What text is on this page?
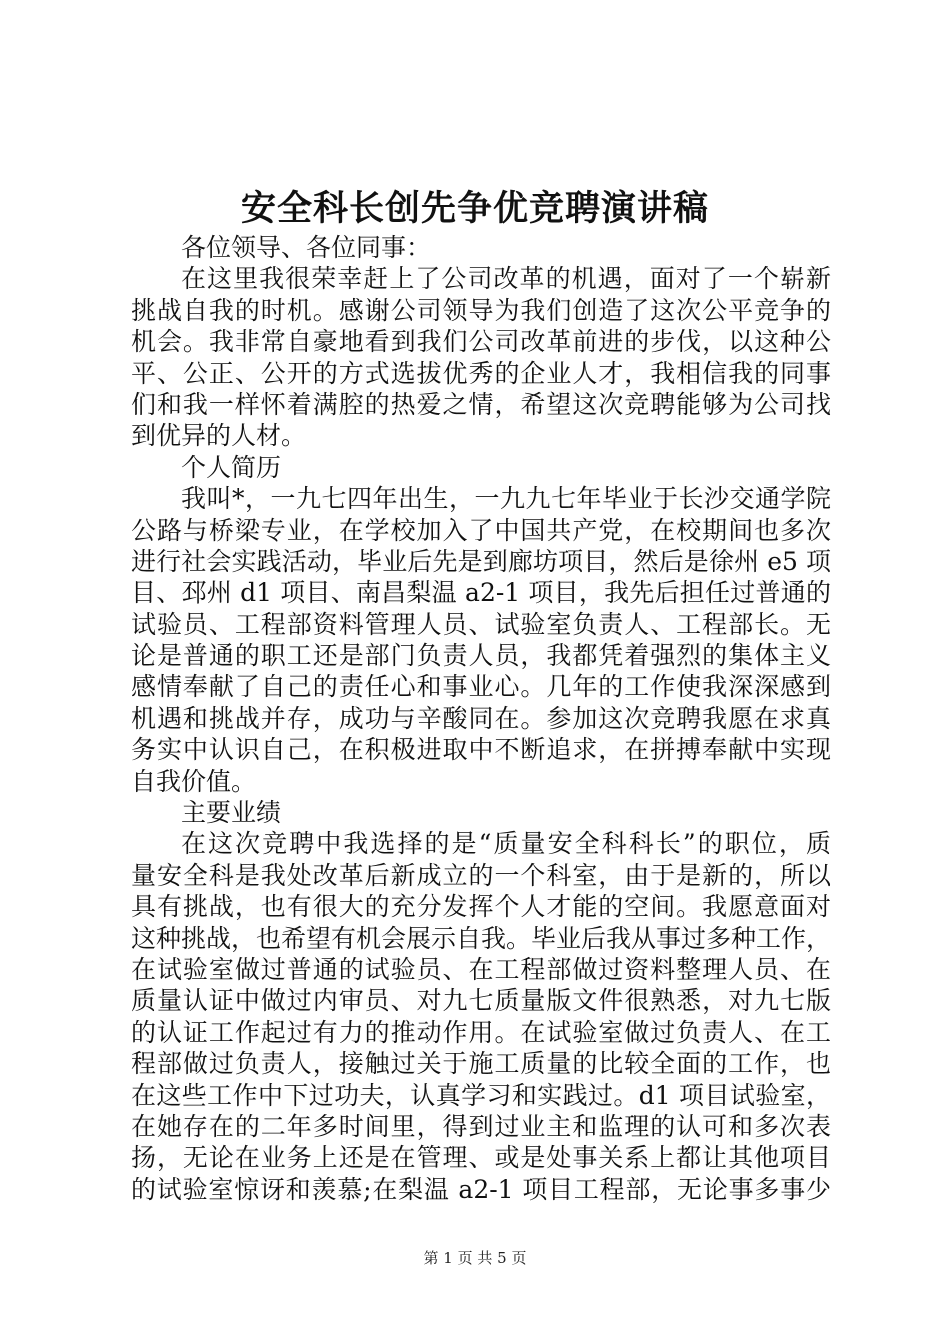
安全科长创先争优竞聘演讲稿
各位领导、各位同事：
在这里我很荣幸赶上了公司改革的机遇，面对了一个崭新
挑战自我的时机。感谢公司领导为我们创造了这次公平竞争的
机会。我非常自豪地看到我们公司改革前进的步伐，以这种公
平、公正、公开的方式选拔优秀的企业人才，我相信我的同事
们和我一样怀着满腔的热爱之情，希望这次竞聘能够为公司找
到优异的人材。
个人简历
我叫*，一九七四年出生，一九九七年毕业于长沙交通学院
公路与桥梁专业，在学校加入了中国共产党，在校期间也多次
进行社会实践活动，毕业后先是到廊坊项目，然后是徐州 e5 项
目、邳州 d1 项目、南昌梨温 a2-1 项目，我先后担任过普通的
试验员、工程部资料管理人员、试验室负责人、工程部长。无
论是普通的职工还是部门负责人员，我都凭着强烈的集体主义
感情奉献了自己的责任心和事业心。几年的工作使我深深感到
机遇和挑战并存，成功与辛酸同在。参加这次竞聘我愿在求真
务实中认识自己，在积极进取中不断追求，在拼搏奉献中实现
自我价值。
主要业绩
在这次竞聘中我选择的是“质量安全科科长”的职位，质
量安全科是我处改革后新成立的一个科室，由于是新的，所以
具有挑战，也有很大的充分发挥个人才能的空间。我愿意面对
这种挑战，也希望有机会展示自我。毕业后我从事过多种工作，
在试验室做过普通的试验员、在工程部做过资料整理人员、在
质量认证中做过内审员、对九七质量版文件很熟悉，对九七版
的认证工作起过有力的推动作用。在试验室做过负责人、在工
程部做过负责人，接触过关于施工质量的比较全面的工作，也
在这些工作中下过功夫，认真学习和实践过。d1 项目试验室，
在她存在的二年多时间里，得到过业主和监理的认可和多次表
扬，无论在业务上还是在管理、或是处事关系上都让其他项目
的试验室惊讶和羡慕;在梨温 a2-1 项目工程部，无论事多事少
第 1 页 共 5 页
